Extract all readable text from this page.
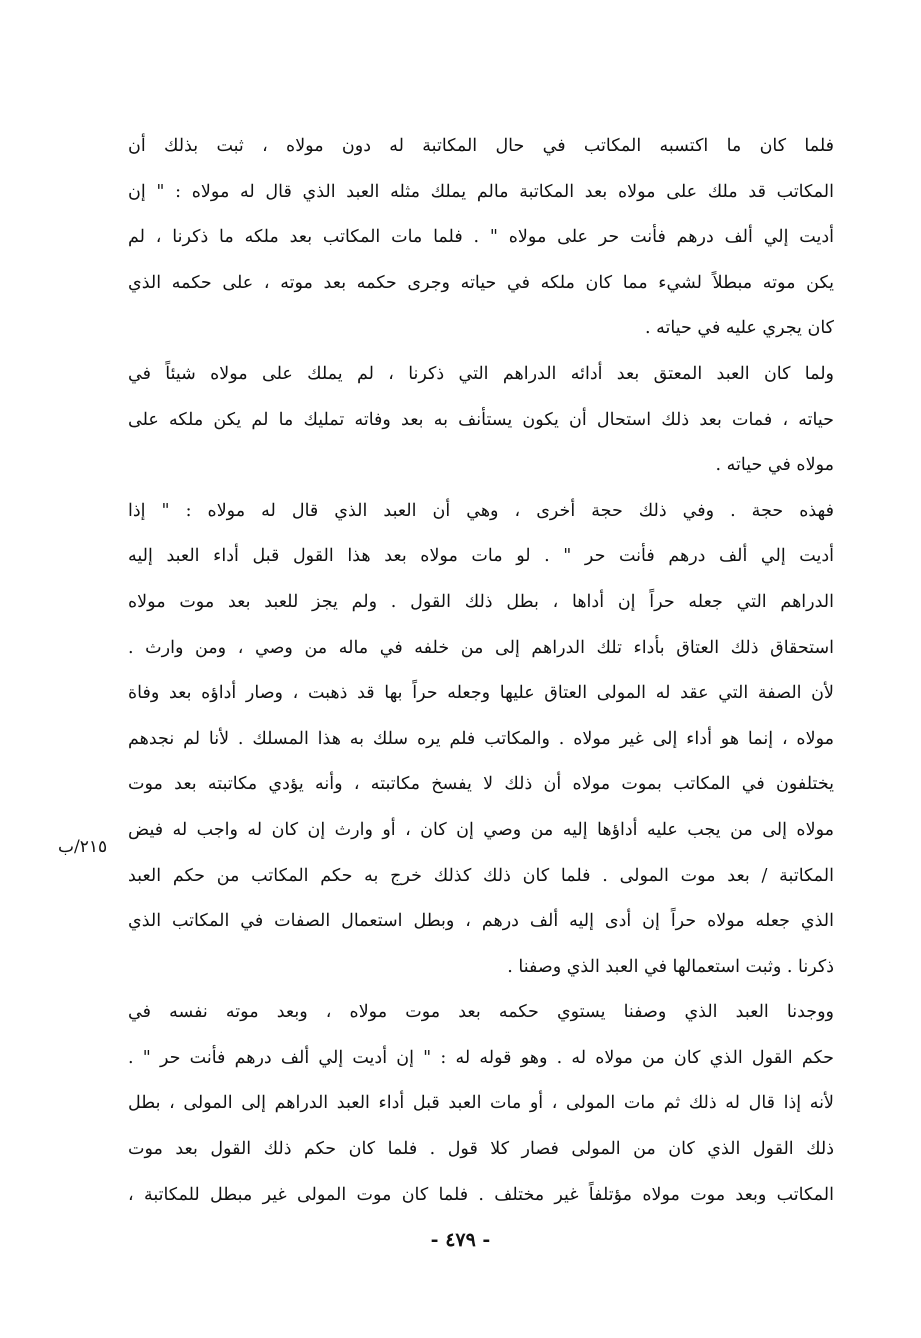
فلما كان ما اكتسبه المكاتب في حال المكاتبة له دون مولاه ، ثبت بذلك أن
المكاتب قد ملك على مولاه بعد المكاتبة مالم يملك مثله العبد الذي قال له مولاه : " إن
أديت إلي ألف درهم فأنت حر على مولاه " . فلما مات المكاتب بعد ملكه ما ذكرنا ، لم
يكن موته مبطلاً لشيء مما كان ملكه في حياته وجرى حكمه بعد موته ، على حكمه الذي
كان يجري عليه في حياته .
ولما كان العبد المعتق بعد أدائه الدراهم التي ذكرنا ، لم يملك على مولاه شيئاً في
حياته ، فمات بعد ذلك استحال أن يكون يستأنف به بعد وفاته تمليك ما لم يكن ملكه على
مولاه في حياته .
فهذه حجة . وفي ذلك حجة أخرى ، وهي أن العبد الذي قال له مولاه : " إذا
أديت إلي ألف درهم فأنت حر " . لو مات مولاه بعد هذا القول قبل أداء العبد إليه
الدراهم التي جعله حراً إن أداها ، بطل ذلك القول . ولم يجز للعبد بعد موت مولاه
استحقاق ذلك العتاق بأداء تلك الدراهم إلى من خلفه في ماله من وصي ، ومن وارث .
لأن الصفة التي عقد له المولى العتاق عليها وجعله حراً بها قد ذهبت ، وصار أداؤه بعد وفاة
مولاه ، إنما هو أداء إلى غير مولاه . والمكاتب فلم يره سلك به هذا المسلك . لأنا لم نجدهم
يختلفون في المكاتب بموت مولاه أن ذلك لا يفسخ مكاتبته ، وأنه يؤدي مكاتبته بعد موت
مولاه إلى من يجب عليه أداؤها إليه من وصي إن كان ، أو وارث إن كان له واجب له فيض
المكاتبة / بعد موت المولى . فلما كان ذلك كذلك خرج به حكم المكاتب من حكم العبد
الذي جعله مولاه حراً إن أدى إليه ألف درهم ، وبطل استعمال الصفات في المكاتب الذي
ذكرنا . وثبت استعمالها في العبد الذي وصفنا .
ووجدنا العبد الذي وصفنا يستوي حكمه بعد موت مولاه ، وبعد موته نفسه في
حكم القول الذي كان من مولاه له . وهو قوله له : " إن أديت إلي ألف درهم فأنت حر " .
لأنه إذا قال له ذلك ثم مات المولى ، أو مات العبد قبل أداء العبد الدراهم إلى المولى ، بطل
ذلك القول الذي كان من المولى فصار كلا قول . فلما كان حكم ذلك القول بعد موت
المكاتب وبعد موت مولاه مؤتلفاً غير مختلف . فلما كان موت المولى غير مبطل للمكاتبة ،
٢١٥/ب
- ٤٧٩ -
